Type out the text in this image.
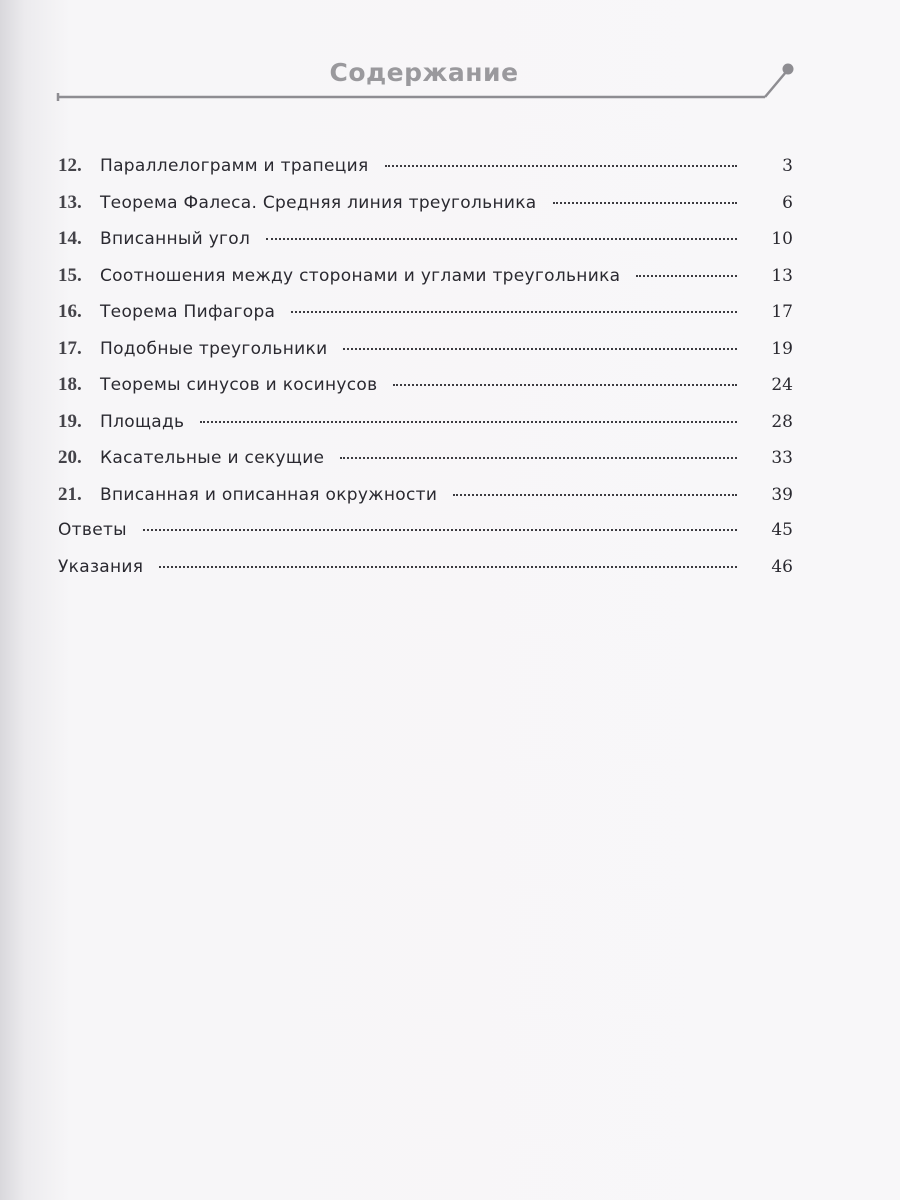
Содержание
12.	Параллелограмм и трапеция	3
13.	Теорема Фалеса. Средняя линия треугольника	6
14.	Вписанный угол	10
15.	Соотношения между сторонами и углами треугольника	13
16.	Теорема Пифагора	17
17.	Подобные треугольники	19
18.	Теоремы синусов и косинусов	24
19.	Площадь	28
20.	Касательные и секущие	33
21.	Вписанная и описанная окружности	39
Ответы	45
Указания	46
